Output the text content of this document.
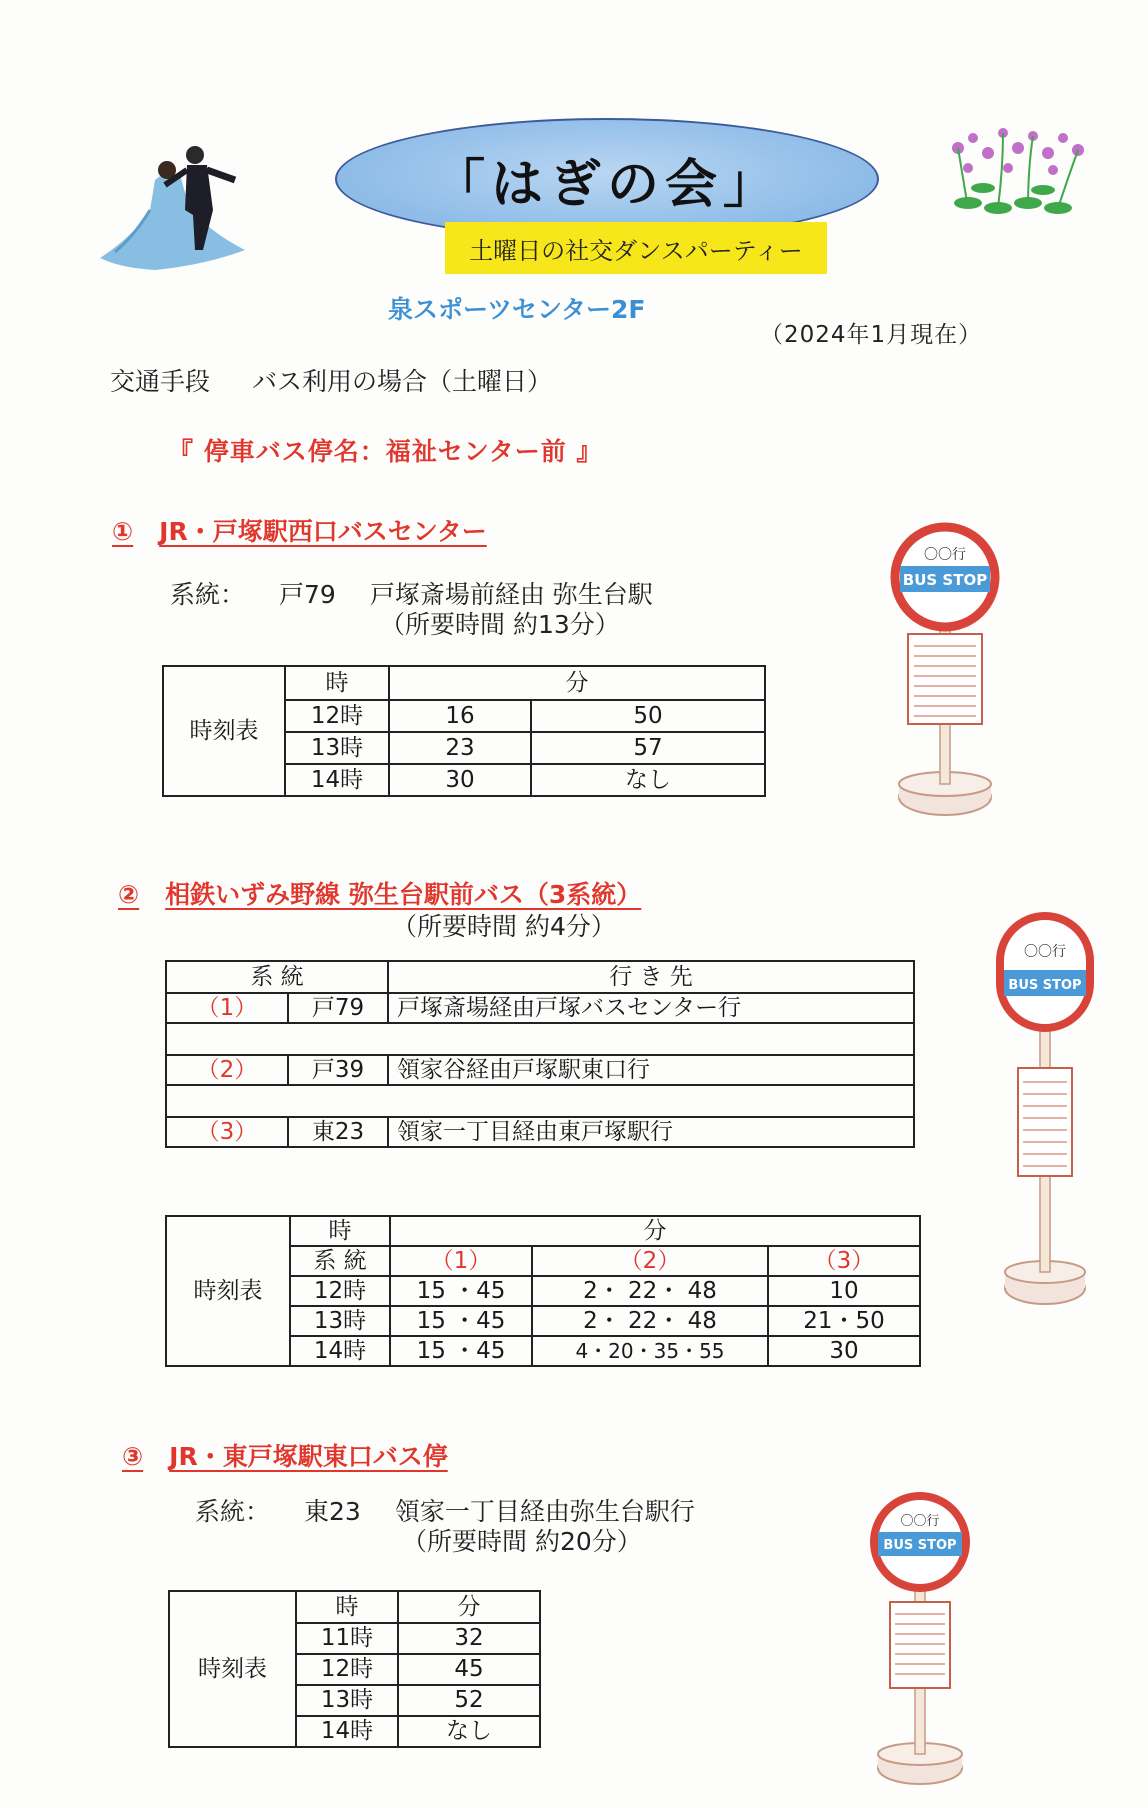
「はぎの会」
土曜日の社交ダンスパーティー
泉スポーツセンター2F
（2024年1月現在）
交通手段 バス利用の場合（土曜日）
『 停車バス停名：福祉センター前 』
① JR・戸塚駅西口バスセンター
系統： 戸79 戸塚斎場前経由 弥生台駅
（所要時間 約13分）
時刻表	時	分	
	12時	16	50
	13時	23	57
	14時	30	なし
〇〇行
BUS STOP
② 相鉄いずみ野線 弥生台駅前バス（3系統）
（所要時間 約4分）
系 統		行 き 先
（1）	戸79	戸塚斎場経由戸塚バスセンター行

（2）	戸39	領家谷経由戸塚駅東口行

（3）	東23	領家一丁目経由東戸塚駅行
時刻表	時	分		
	系 統	（1）	（2）	（3）
	12時	15 ・45	2・ 22・ 48	10
	13時	15 ・45	2・ 22・ 48	21・50
	14時	15 ・45	4・20・35・55	30
〇〇行
BUS STOP
③ JR・東戸塚駅東口バス停
系統： 東23 領家一丁目経由弥生台駅行
（所要時間 約20分）
時刻表	時	分
	11時	32
	12時	45
	13時	52
	14時	なし
〇〇行
BUS STOP
